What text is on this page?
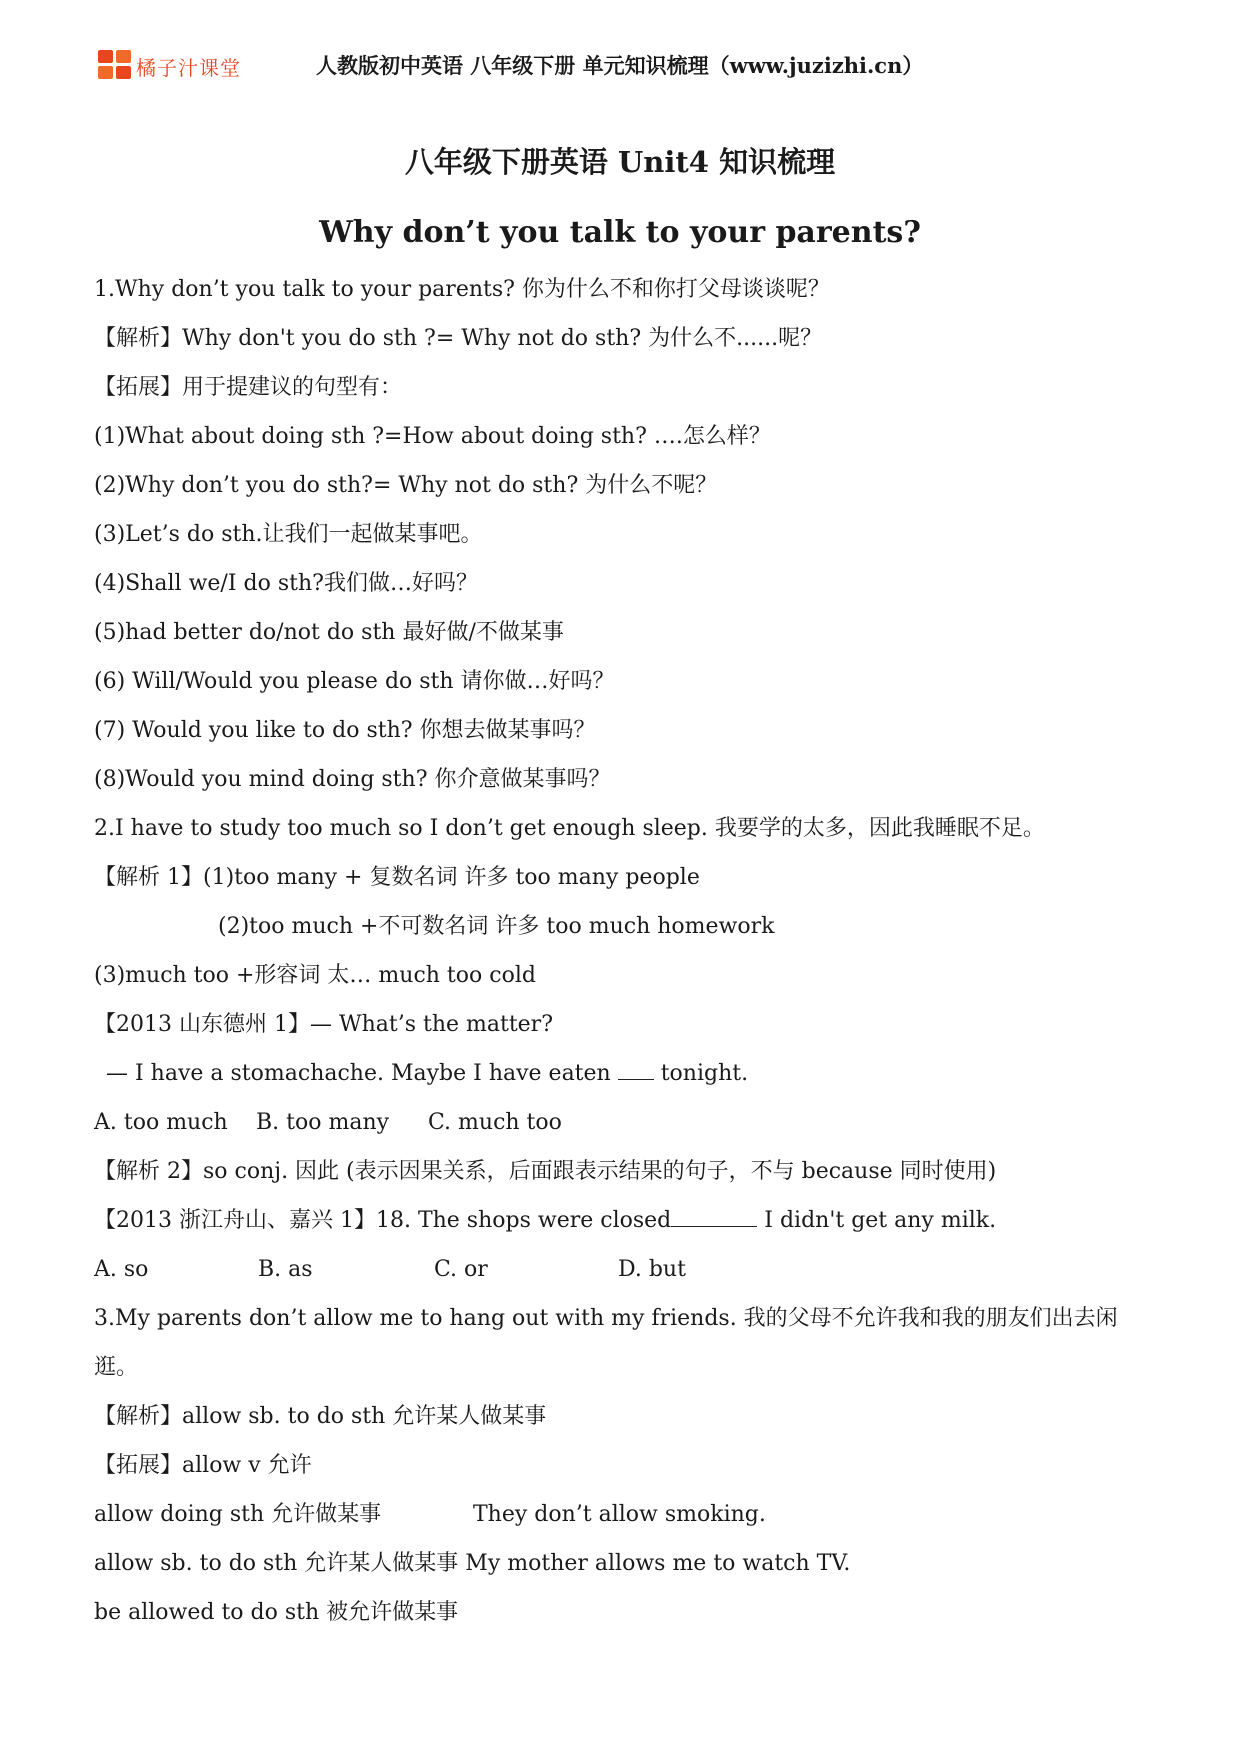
橘子汁课堂	人教版初中英语 八年级下册 单元知识梳理（www.juzizhi.cn）
八年级下册英语 Unit4 知识梳理
Why don’t you talk to your parents?
1.Why don’t you talk to your parents? 你为什么不和你打父母谈谈呢？
【解析】Why don't you do sth ?= Why not do sth? 为什么不......呢？
【拓展】用于提建议的句型有：
(1)What about doing sth ?=How about doing sth? ….怎么样？
(2)Why don’t you do sth?= Why not do sth? 为什么不呢？
(3)Let’s do sth.让我们一起做某事吧。
(4)Shall we/I do sth?我们做…好吗？
(5)had better do/not do sth 最好做/不做某事
(6) Will/Would you please do sth 请你做…好吗？
(7) Would you like to do sth? 你想去做某事吗？
(8)Would you mind doing sth? 你介意做某事吗？
2.I have to study too much so I don’t get enough sleep. 我要学的太多，因此我睡眠不足。
【解析 1】(1)too many + 复数名词 许多 too many people
(2)too much +不可数名词 许多 too much homework
(3)much too +形容词 太… much too cold
【2013 山东德州 1】— What’s the matter?
— I have a stomachache. Maybe I have eaten tonight.
A. too much B. too many C. much too
【解析 2】so conj. 因此 (表示因果关系，后面跟表示结果的句子，不与 because 同时使用)
【2013 浙江舟山、嘉兴 1】18. The shops were closed	I didn't get any milk.
A. so	B. as	C. or	D. but
3.My parents don’t allow me to hang out with my friends. 我的父母不允许我和我的朋友们出去闲
逛。
【解析】allow sb. to do sth 允许某人做某事
【拓展】allow v 允许
allow doing sth 允许做某事	They don’t allow smoking.
allow sb. to do sth 允许某人做某事 My mother allows me to watch TV.
be allowed to do sth 被允许做某事
